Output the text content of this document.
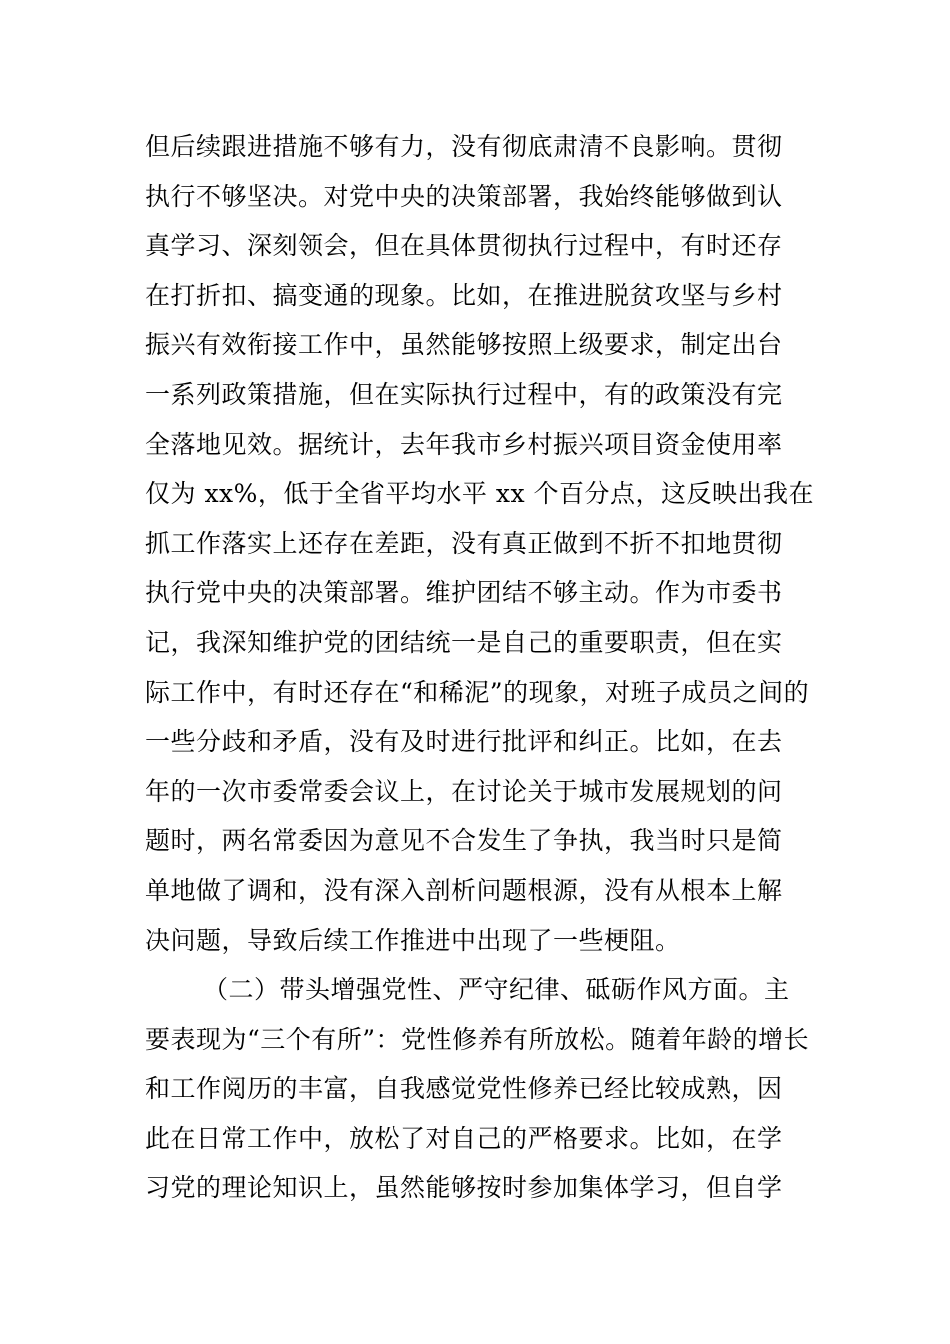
但后续跟进措施不够有力，没有彻底肃清不良影响。贯彻
执行不够坚决。对党中央的决策部署，我始终能够做到认
真学习、深刻领会，但在具体贯彻执行过程中，有时还存
在打折扣、搞变通的现象。比如，在推进脱贫攻坚与乡村
振兴有效衔接工作中，虽然能够按照上级要求，制定出台
一系列政策措施，但在实际执行过程中，有的政策没有完
全落地见效。据统计，去年我市乡村振兴项目资金使用率
仅为 xx%，低于全省平均水平 xx 个百分点，这反映出我在
抓工作落实上还存在差距，没有真正做到不折不扣地贯彻
执行党中央的决策部署。维护团结不够主动。作为市委书
记，我深知维护党的团结统一是自己的重要职责，但在实
际工作中，有时还存在“和稀泥”的现象，对班子成员之间的
一些分歧和矛盾，没有及时进行批评和纠正。比如，在去
年的一次市委常委会议上，在讨论关于城市发展规划的问
题时，两名常委因为意见不合发生了争执，我当时只是简
单地做了调和，没有深入剖析问题根源，没有从根本上解
决问题，导致后续工作推进中出现了一些梗阻。
（二）带头增强党性、严守纪律、砥砺作风方面。主
要表现为“三个有所”：党性修养有所放松。随着年龄的增长
和工作阅历的丰富，自我感觉党性修养已经比较成熟，因
此在日常工作中，放松了对自己的严格要求。比如，在学
习党的理论知识上，虽然能够按时参加集体学习，但自学
